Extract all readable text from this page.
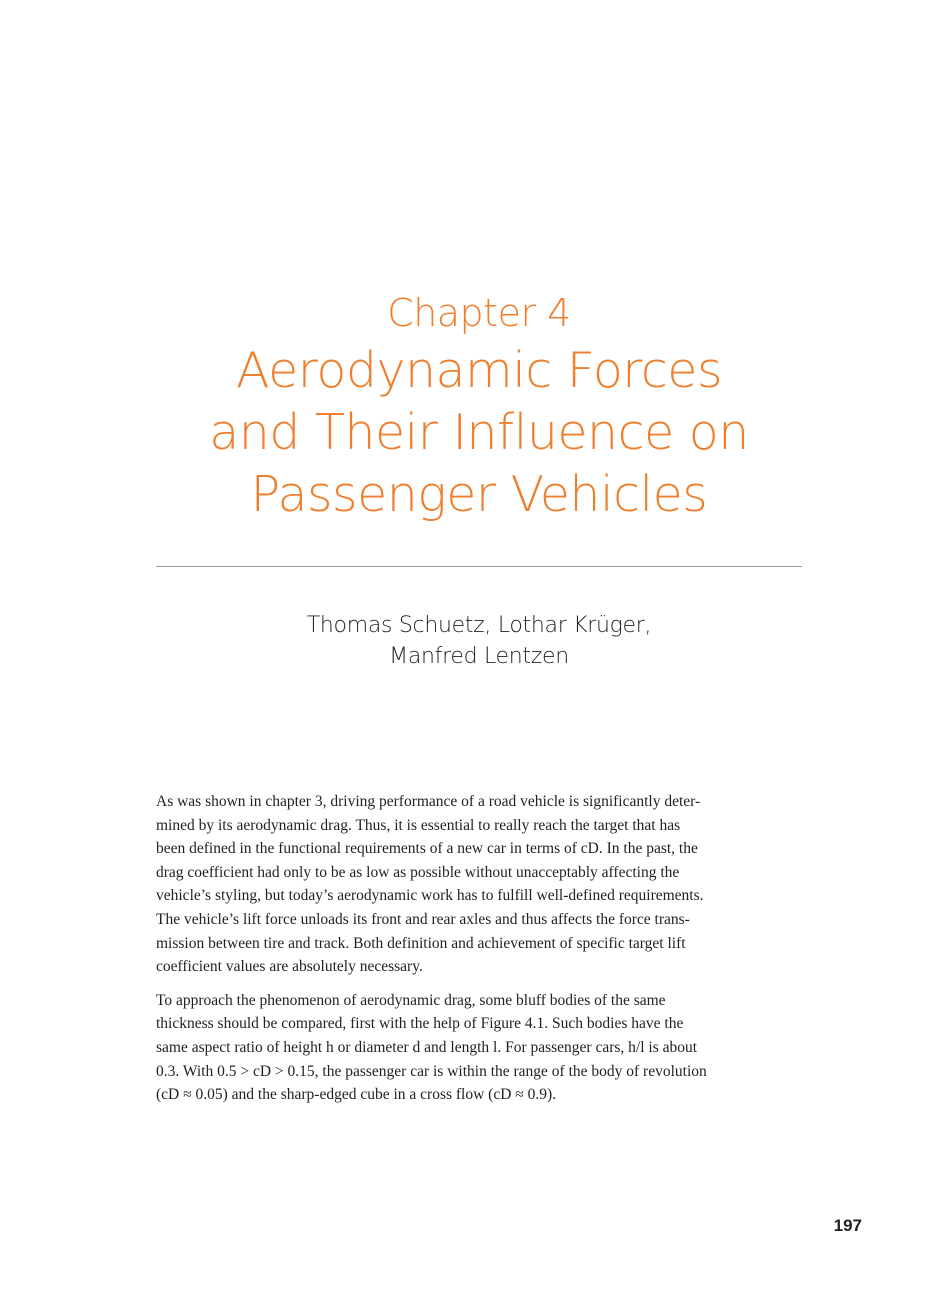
Chapter 4
Aerodynamic Forces
and Their Influence on
Passenger Vehicles
Thomas Schuetz, Lothar Krüger,
Manfred Lentzen

As was shown in chapter 3, driving performance of a road vehicle is significantly deter-
mined by its aerodynamic drag. Thus, it is essential to really reach the target that has
been defined in the functional requirements of a new car in terms of cD. In the past, the
drag coefficient had only to be as low as possible without unacceptably affecting the
vehicle’s styling, but today’s aerodynamic work has to fulfill well-defined requirements.
The vehicle’s lift force unloads its front and rear axles and thus affects the force trans-
mission between tire and track. Both definition and achievement of specific target lift
coefficient values are absolutely necessary.

To approach the phenomenon of aerodynamic drag, some bluff bodies of the same
thickness should be compared, first with the help of Figure 4.1. Such bodies have the
same aspect ratio of height h or diameter d and length l. For passenger cars, h/l is about
0.3. With 0.5 > cD > 0.15, the passenger car is within the range of the body of revolution
(cD ≈ 0.05) and the sharp-edged cube in a cross flow (cD ≈ 0.9).

197
